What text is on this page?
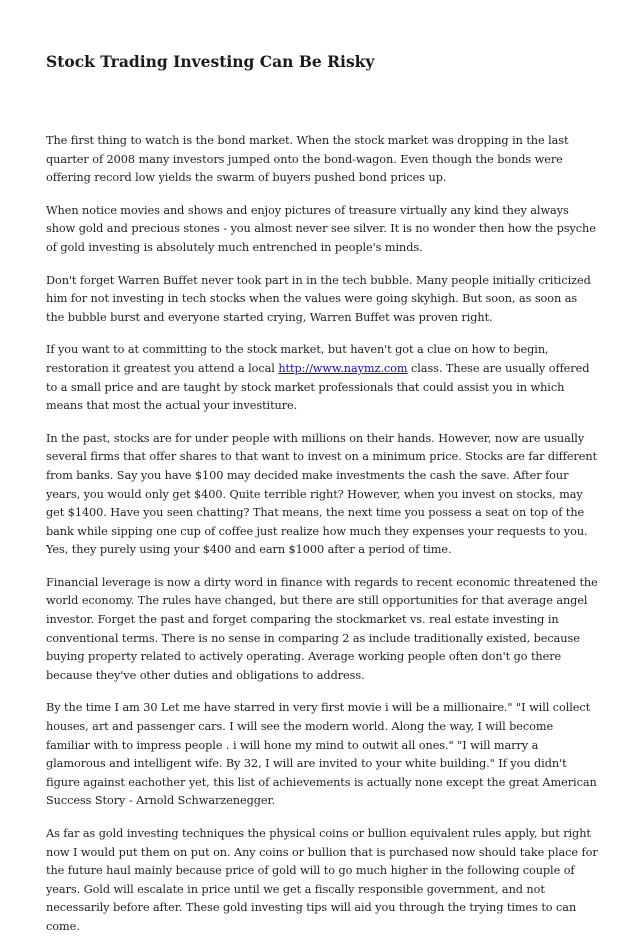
Stock Trading Investing Can Be Risky

The first thing to watch is the bond market. When the stock market was dropping in the last quarter of 2008 many investors jumped onto the bond-wagon. Even though the bonds were offering record low yields the swarm of buyers pushed bond prices up.

When notice movies and shows and enjoy pictures of treasure virtually any kind they always show gold and precious stones - you almost never see silver. It is no wonder then how the psyche of gold investing is absolutely much entrenched in people's minds.

Don't forget Warren Buffet never took part in in the tech bubble. Many people initially criticized him for not investing in tech stocks when the values were going skyhigh. But soon, as soon as the bubble burst and everyone started crying, Warren Buffet was proven right.

If you want to at committing to the stock market, but haven't got a clue on how to begin, restoration it greatest you attend a local http://www.naymz.com class. These are usually offered to a small price and are taught by stock market professionals that could assist you in which means that most the actual your investiture.

In the past, stocks are for under people with millions on their hands. However, now are usually several firms that offer shares to that want to invest on a minimum price. Stocks are far different from banks. Say you have $100 may decided make investments the cash the save. After four years, you would only get $400. Quite terrible right? However, when you invest on stocks, may get $1400. Have you seen chatting? That means, the next time you possess a seat on top of the bank while sipping one cup of coffee just realize how much they expenses your requests to you. Yes, they purely using your $400 and earn $1000 after a period of time.

Financial leverage is now a dirty word in finance with regards to recent economic threatened the world economy. The rules have changed, but there are still opportunities for that average angel investor. Forget the past and forget comparing the stockmarket vs. real estate investing in conventional terms. There is no sense in comparing 2 as include traditionally existed, because buying property related to actively operating. Average working people often don't go there because they've other duties and obligations to address.

By the time I am 30 Let me have starred in very first movie i will be a millionaire." "I will collect houses, art and passenger cars. I will see the modern world. Along the way, I will become familiar with to impress people . i will hone my mind to outwit all ones." "I will marry a glamorous and intelligent wife. By 32, I will are invited to your white building." If you didn't figure against eachother yet, this list of achievements is actually none except the great American Success Story - Arnold Schwarzenegger.

As far as gold investing techniques the physical coins or bullion equivalent rules apply, but right now I would put them on put on. Any coins or bullion that is purchased now should take place for the future haul mainly because price of gold will to go much higher in the following couple of years. Gold will escalate in price until we get a fiscally responsible government, and not necessarily before after. These gold investing tips will aid you through the trying times to can come.
